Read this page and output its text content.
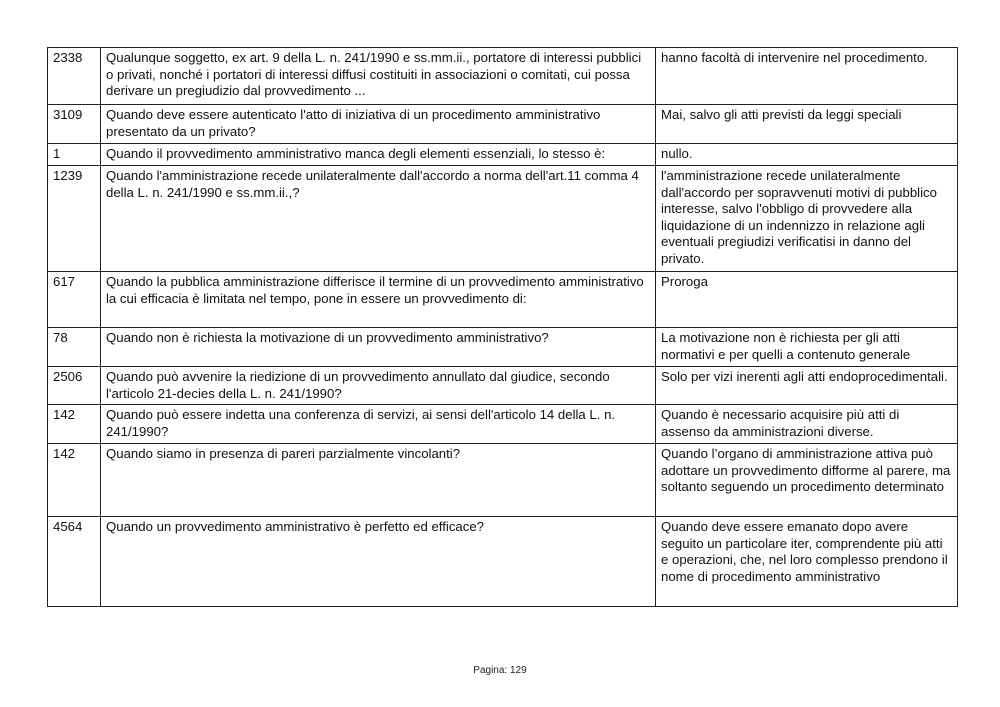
2338	Qualunque soggetto, ex art. 9 della L. n. 241/1990 e ss.mm.ii., portatore di interessi pubblici o privati, nonché i portatori di interessi diffusi costituiti in associazioni o comitati, cui possa derivare un pregiudizio dal provvedimento ...	hanno facoltà di intervenire nel procedimento.
3109	Quando deve essere autenticato l'atto di iniziativa di un procedimento amministrativo presentato da un privato?	Mai, salvo gli atti previsti da leggi speciali
1	Quando il provvedimento amministrativo manca degli elementi essenziali, lo stesso è:	nullo.
1239	Quando l'amministrazione recede unilateralmente dall'accordo a norma dell'art.11 comma 4 della L. n. 241/1990 e ss.mm.ii.,?	l'amministrazione recede unilateralmente dall'accordo per sopravvenuti motivi di pubblico interesse, salvo l'obbligo di provvedere alla liquidazione di un indennizzo in relazione agli eventuali pregiudizi verificatisi in danno del privato.
617	Quando la pubblica amministrazione differisce il termine di un provvedimento amministrativo la cui efficacia è limitata nel tempo, pone in essere un provvedimento di:	Proroga
78	Quando non è richiesta la motivazione di un provvedimento amministrativo?	La motivazione non è richiesta per gli atti normativi e per quelli a contenuto generale
2506	Quando può avvenire la riedizione di un provvedimento annullato dal giudice, secondo l'articolo 21-decies della L. n. 241/1990?	Solo per vizi inerenti agli atti endoprocedimentali.
142	Quando può essere indetta una conferenza di servizi, ai sensi dell'articolo 14 della L. n. 241/1990?	Quando è necessario acquisire più atti di assenso da amministrazioni diverse.
142	Quando siamo in presenza di pareri parzialmente vincolanti?	Quando l’organo di amministrazione attiva può adottare un provvedimento difforme al parere, ma soltanto seguendo un procedimento determinato
4564	Quando un provvedimento amministrativo è perfetto ed efficace?	Quando deve essere emanato dopo avere seguito un particolare iter, comprendente più atti e operazioni, che, nel loro complesso prendono il nome di procedimento amministrativo
Pagina: 129
